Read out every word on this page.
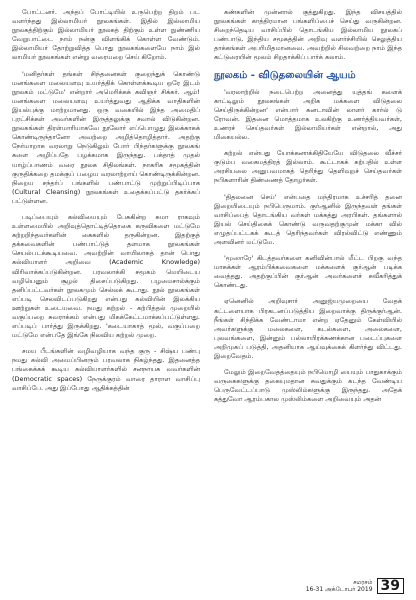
போட்டனர். அந்தப் போட்டியில் உருபெற்ற திறம் பட வளர்ந்தது இல்லாமியர் நூலகங்கள். இதில் இல்லாமிய நூலகத்திற்கும் இல்லாமியர் நூலகத் திற்கும் உள்ள நுண்ணிய வேறுபாட்டை நாம் நன்கு விளங்கிக் கொள்ள வேண்டும். இல்லாமியர் தோற்றுவித்த பொது நூலகங்களையே நாம் இல் லாமியர் நூலகங்கள் என்று வரையறை செய் கிறோம்.

'மனிதர்கள் தங்கள் சிந்தனைகள் குறைந்துக் கொண்டு மனங்களை மலையளவு உயர்த்திக் கொள்ளக்கூடிய ஒரே இடம் நூலகம் மட்டுமே' என்றார் அமெரிக்கக் கவிஞர் சிக்கர். ஆம்! மனங்களை மலையளவு உயர்த்துவது ஆதிக்க வாதிகளின் இயல்புக்கு மாற்றமானது. ஒரு வகையில் இந்த அமைதிப் புரட்சிக்கள் அவர்களின் இருத்தலுக்கு சவால் விடுகின்றன. நூலகங்கள் திரள்மாரியாகவே நூலோர் எப்பொழுது இலக்காகக் கொண்டிருந்தானோ அவற்றை அழித்தொழித்தார். அதற்கு நேர்மாறாக வரலாறு நெடுகிலும் போர் பிந்தர்களுக்கு நூலகங் களை அழிப்பதே பழக்கமாக இருந்தது. பக்தாத் முதல் யாழ்ப்பாணம் வரை நூலக சிதிலங்கள். நாகரிக சமூகத்தின் குருதிக்கறை தமக்குப் பழைய வரலாற்றாய் கொண்டிருக்கின்றன. நிறைய சந்தர்ப் பங்களில் பண்பாட்டு முற்றுப்பிடிப்பாக (Cultural Cleansing) நூலகங்கள் உதைக்கப்பட்டு தகர்க்கப் பட்டுள்ளன.

படிப்பையும் கல்வியையும் பேசுகின்ற சுமா ராகவும் உள்ளமையில் அறிவுத்தொட்டித்தொகை கருவிகளை மட்டுமே கற்றறிந்தவர்களின் கைகளில் தருகின்றன. இதற்குத் தக்கவைகளின் பண்பாட்டுத் தளமாக நூலகங்கள் செயல்படக்கூடியவை. அவற்றின் வாயிலாகத் தான் பொது கல்வியாளர் அறிவை (Academic Knowledge) விரிவாக்கப்படுகின்றன. பரவலாக்கி சமூகம் மெயிடைய வழியெனும் சூழல் திசைப்படுகிறது. பழமைசால்க்கும் தனிப்பட்டவர்கள் நூலகமும் செல்லக் கூடாது. நூல் நூலகங்கள் எப்படி செலவிடப்படுகிறது என்பது கல்வியின் இலக்கிய ஊற்றுகள் உடையவை. நமது கற்றல் - கற்பித்தல் முறையில் வகுப்பறை சுவராக்கம் என்பது மிகக்கேட்டமாக்கப்பட்டுள்ளது. எப்படிப் பார்த்து இருக்கிறது. 'கடையாகாத் மூல், வகுப்பறை மட்டுமே என்பதே இங்கே நிலவிய கற்றல் முறை.

சமய பீடங்களின் வழிவழியாக வந்த குரு - சிஷ்ய பண்பு நமது கல்வி அமைப்பினரும் பரவலாக நிகழ்ந்தது. இதனைத்த பங்கைக்கக் கூடிய கல்வியாளர்களில் சனநாயக வவர்களின் (Democratic spaces) நேருக்குரம் வாரை தாராள வாசிப்பு வாசிப்பே. அது இப்போது ஆதிக்கத்தின்

கண்களின் முன்னால் குத்துகிறது. இந்த விசயத்தில் நூலகங்கள் காத்திரமான பங்களிப்பைச் செய்து வருகின்றன. சிறைந்தெடிய வாசிப்பில் தொடங்கிய இல்லாமிய நூலகப் பண்பாடு, இந்திய சமூகத்தின் அறிவு வளர்ச்சியில் செலுத்திய தாக்கங்கள் அபரிமிதமானவை. அவற்றில் சிலவற்றை நாம் இந்த கட்டுரையின் மூலம் சிறதாக்கிப் பார்க் கலாம்.

நூலகம் - விடுதலையின் ஆயம்

'வரலாற்றில் நடைபெற்ற அனைத்து யுத்தங் களைக் காட்டிலும் நூலகங்கள் அறிக மக்களை விடுதலை செய்திருக்கின்றன' என்பார் கனடாவின் லாளர் கார்ல் டு ரோவன். இதனை மொத்தமாக உலகிற்கு உணர்த்தியவர்கள், உணரச் செய்தவர்கள் இல்லாமியர்கள் என்றால், அது மிகையல்ல.

கற்றல் என்பது யோக்கனாக்கிதியேயே விடுதலை வீச்சர் குடும்ப வகைமத்திரத் இல்லாம். கூட்டாகக் கற்பதில் உள்ள அரசியலை அனுபவமாகத் தெரிந்து தெளிவுறச் செய்தவர்கள் நபிகளாரின் திண்ணைத் தோழர்கள்.

'திதலனை செய்' என்பதை மந்திரமாக உச்சரித் தனை இறையிடையும் நபிபெருமாம். குர்ஆனில் இருந்தவள் தங்கள் வாசிப்பைத் தொடங்கிய வர்கள் மக்கத்து அரபிகள். தங்களால் இயல் செய்திகைக் கொண்டு வருவதற்குமுன் மக்கா வில் எழுதப்பட்டகக் கூடத் தெரிந்தவர்கள் விரல்விட்டு எண்ணும் அளவினர் மட்டுமே.

'மூஸாரே' கிடத்தவர்களை கனிவின்பால் மீட்ட பிறகு வந்த மாசுக்கள் ஆரம்பிக்கவைகளை மக்களைக் குர்ஆன் படிக்க வைத்தது. அதற்குப்பின் குர்ஆன் அவர்களைச் சுவீகரித்துக் கொண்டது.

ஏனெனில் அறிவுசார் அனுஜ்யமுறையை வேதக் கட்டளையாக பிரகடனப்படுத்திய இறைவாக்கு திருக்குர்ஆன். நீங்கள் சிந்திக்க வேண்டாமா என்ற ஏதேனும் கேள்வியில் அவர்களுக்கு மலைகளை, கடல்களை, அலைகளை, புலவங்களை, இன்னும் பல்லாயிரக்கணக்கான படைப்புகளை அறிமுகப் படுத்தி, அதனியாக ஆய்வுக்கைக் கிளர்ந்து விட்டது. இறைவேதம்.

மேலும் இறைவேதத்தையும் நபிமொழி யையும் பாதுகாக்கும் வருகைகளுக்கு தகையுமதான சுவதுக்கும் கடந்த வேண்டிய பெருவேட்டப்பாடு முஸ்லிம்களுக்கு இருந்தது. அதேக் கத்துவோ ஆரம்பகால முஸ்லிம்களை அறிவையும் அதன்

சமரசம்
16-31 அக்டோபர் 2019 39
